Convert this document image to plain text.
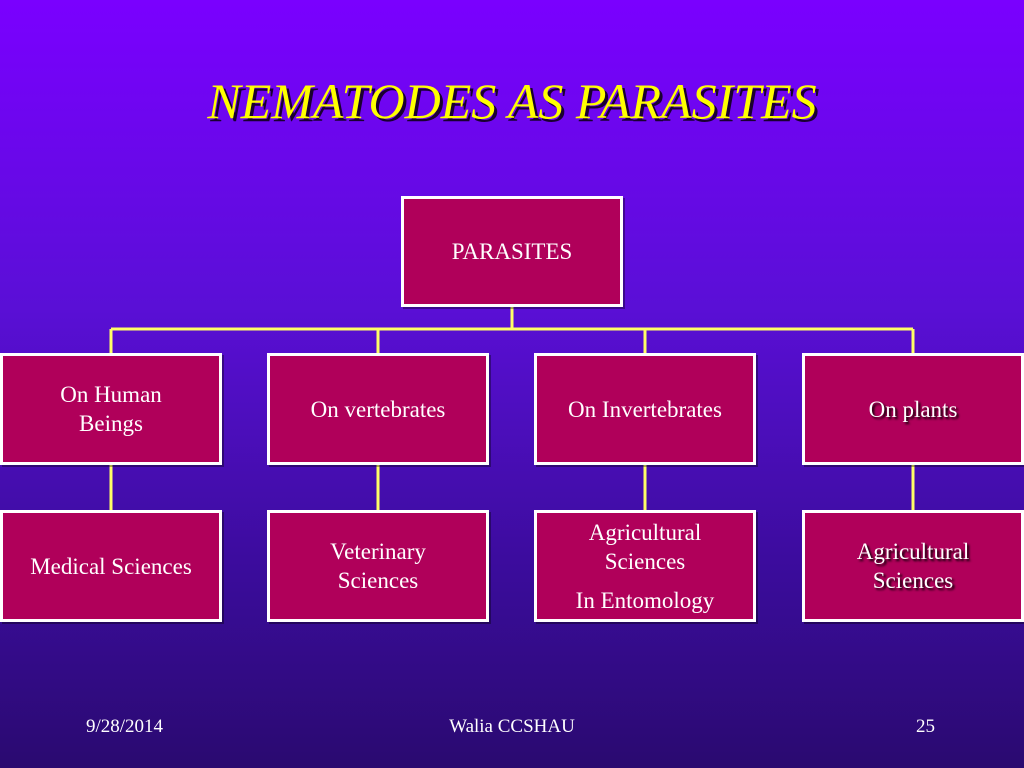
NEMATODES AS PARASITES
PARASITES
On Human
Beings
On vertebrates	On Invertebrates	On plants
Medical Sciences
Veterinary
Sciences
Agricultural
Sciences
In Entomology
Agricultural
Sciences
9/28/2014	Walia CCSHAU	25
